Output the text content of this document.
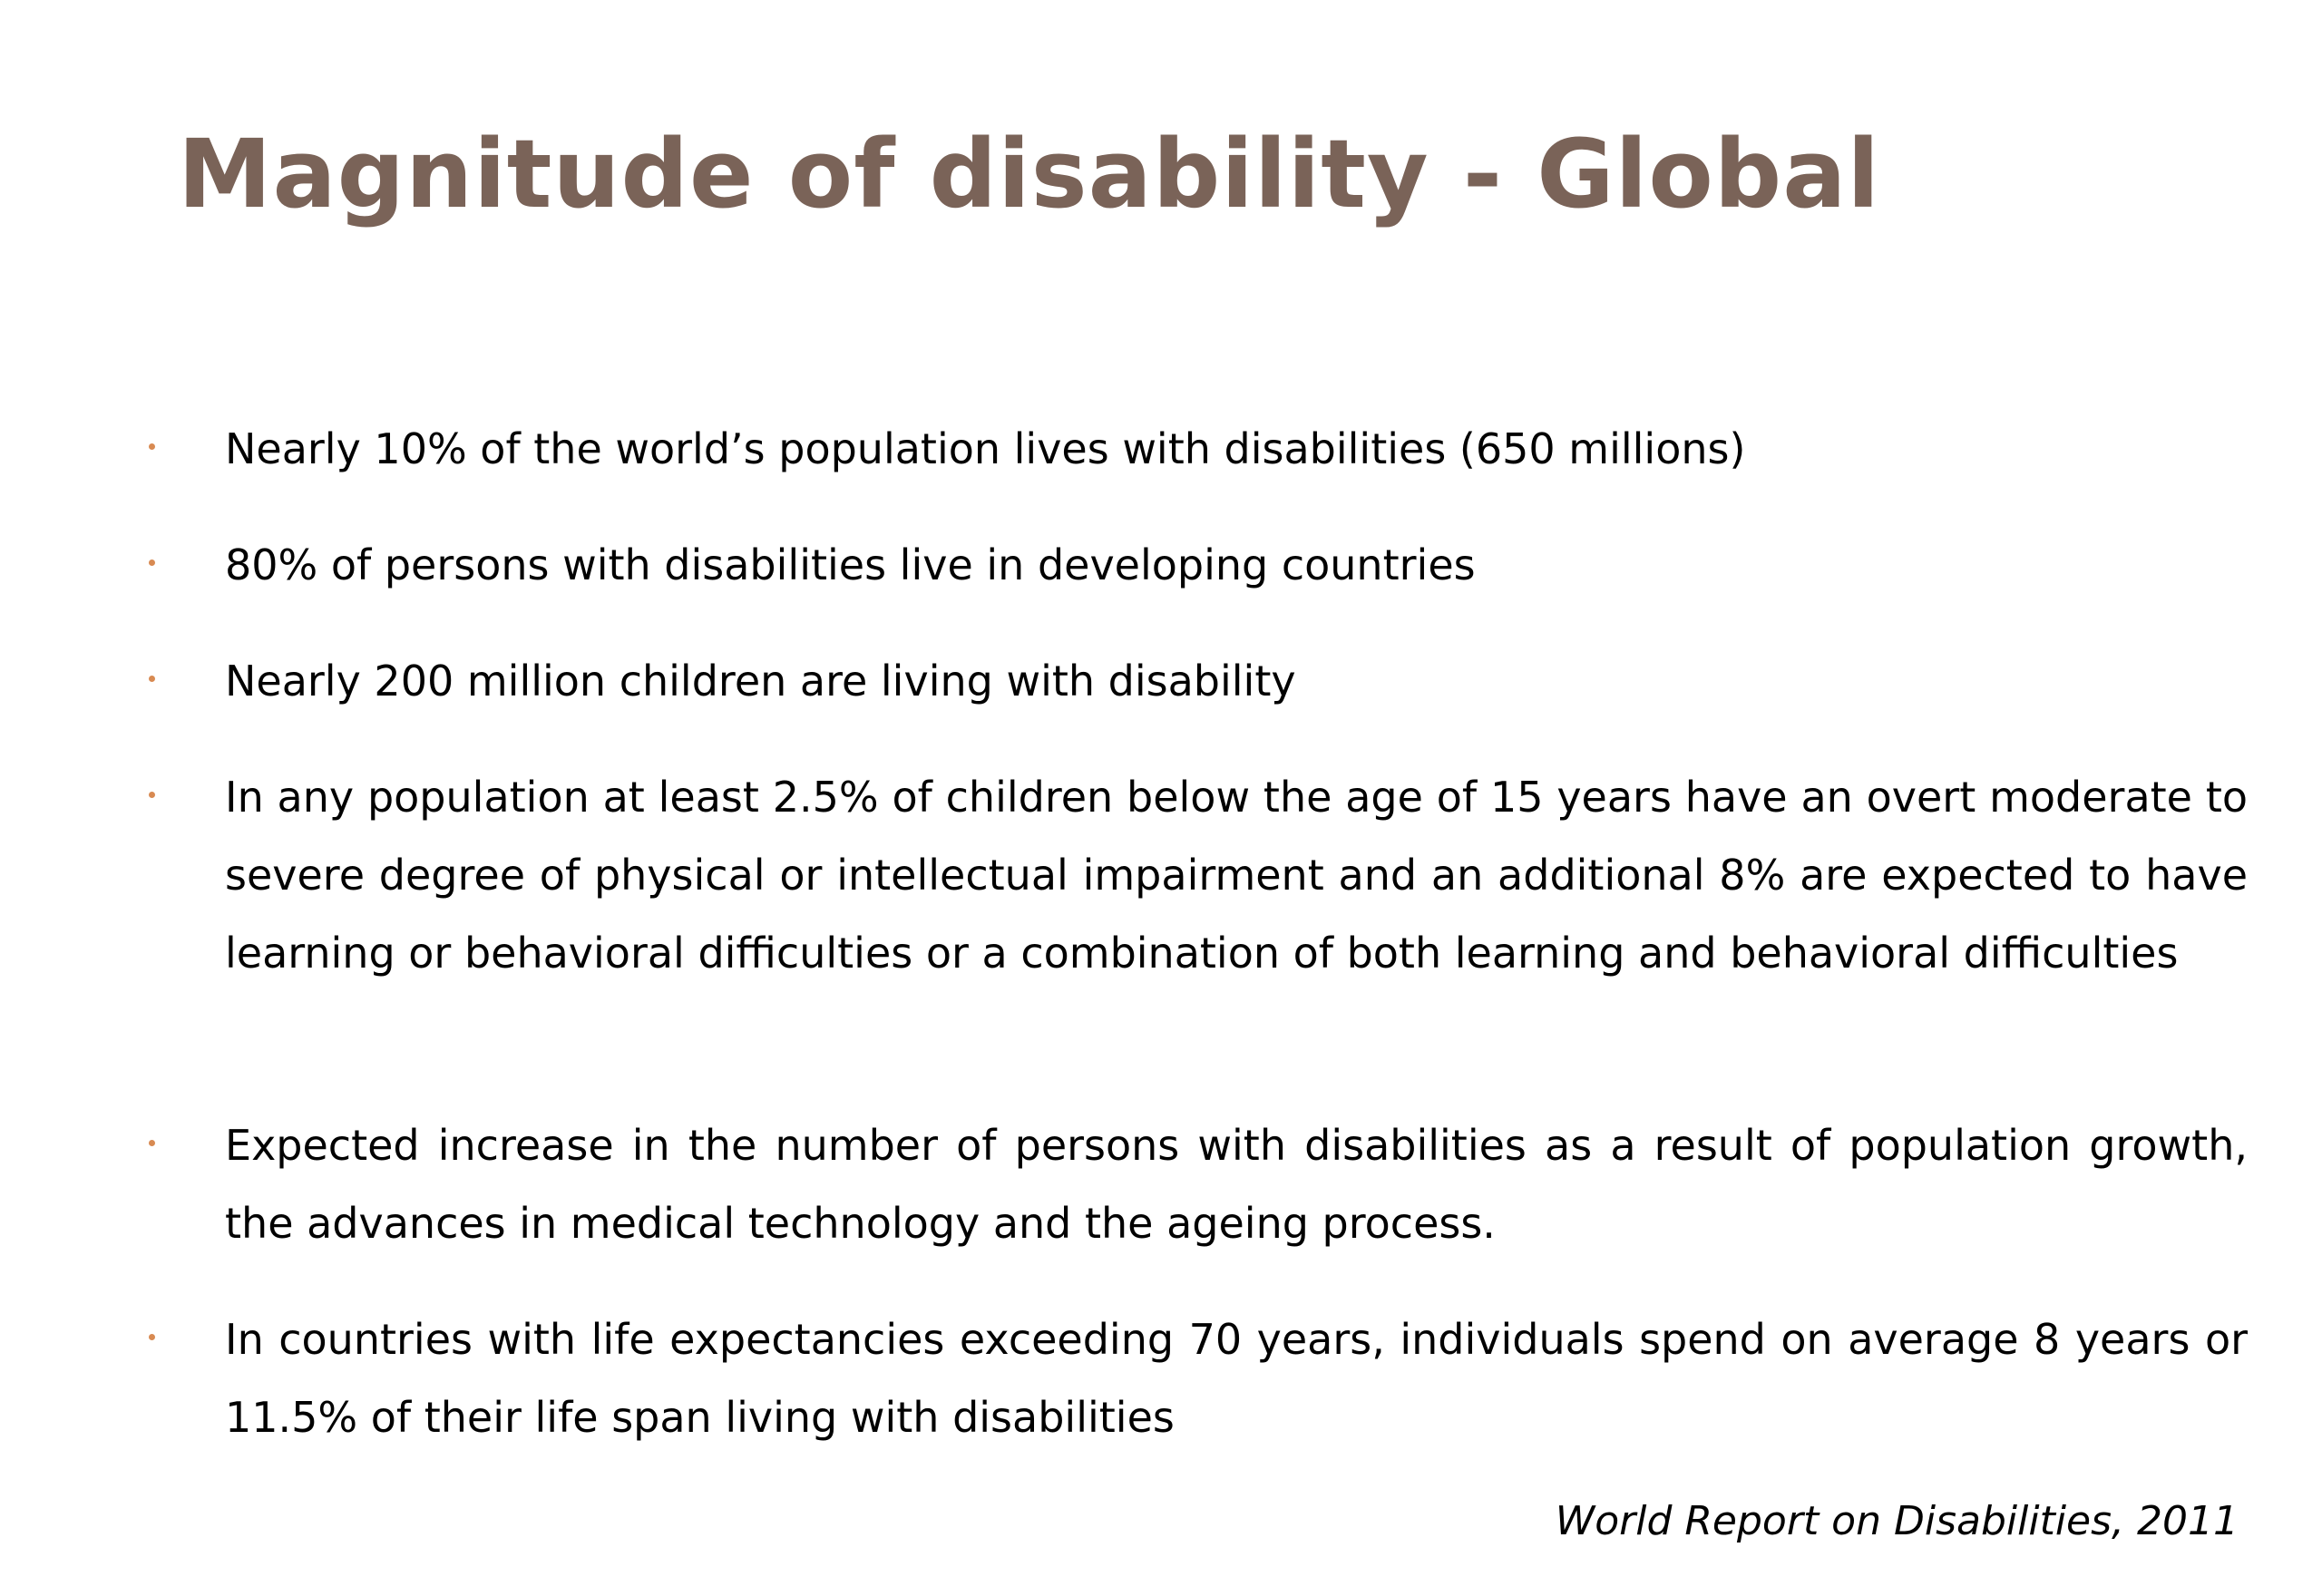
Magnitude of disability - Global
Nearly 10% of the world’s population lives with disabilities (650 millions)
80% of persons with disabilities live in developing countries
Nearly 200 million children are living with disability
In any population at least 2.5% of children below the age of 15 years have an overt moderate to severe degree of physical or intellectual impairment and an additional 8% are expected to have learning or behavioral difficulties or a combination of both learning and behavioral difficulties
Expected increase in the number of persons with disabilities as a result of population growth, the advances in medical technology and the ageing process.
In countries with life expectancies exceeding 70 years, individuals spend on average 8 years or 11.5% of their life span living with disabilities

World Report on Disabilities, 2011
